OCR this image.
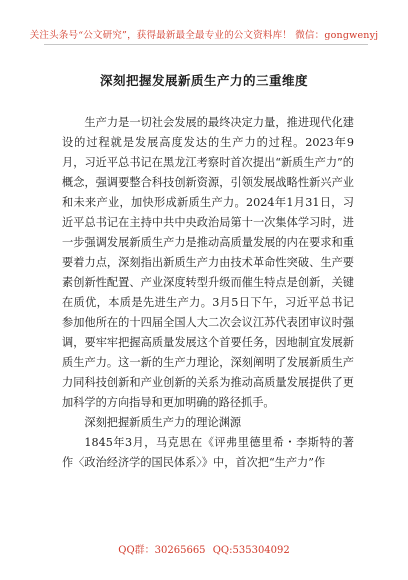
关注头条号“公文研究”，获得最新最全最专业的公文资料库！ 微信：gongwenyj
深刻把握发展新质生产力的三重维度

生产力是一切社会发展的最终决定力量，推进现代化建设的过程就是发展高度发达的生产力的过程。2023年9月，习近平总书记在黑龙江考察时首次提出“新质生产力”的概念，强调要整合科技创新资源，引领发展战略性新兴产业和未来产业，加快形成新质生产力。2024年1月31日，习近平总书记在主持中共中央政治局第十一次集体学习时，进一步强调发展新质生产力是推动高质量发展的内在要求和重要着力点，深刻指出新质生产力由技术革命性突破、生产要素创新性配置、产业深度转型升级而催生特点是创新，关键在质优，本质是先进生产力。3月5日下午，习近平总书记参加他所在的十四届全国人大二次会议江苏代表团审议时强调，要牢牢把握高质量发展这个首要任务，因地制宜发展新质生产力。这一新的生产力理论，深刻阐明了发展新质生产力同科技创新和产业创新的关系为推动高质量发展提供了更加科学的方向指导和更加明确的路径抓手。

深刻把握新质生产力的理论渊源

1845年3月，马克思在《评弗里德里希・李斯特的著作〈政治经济学的国民体系〉》中，首次把“生产力”作

QQ群：30265665 QQ:535304092
